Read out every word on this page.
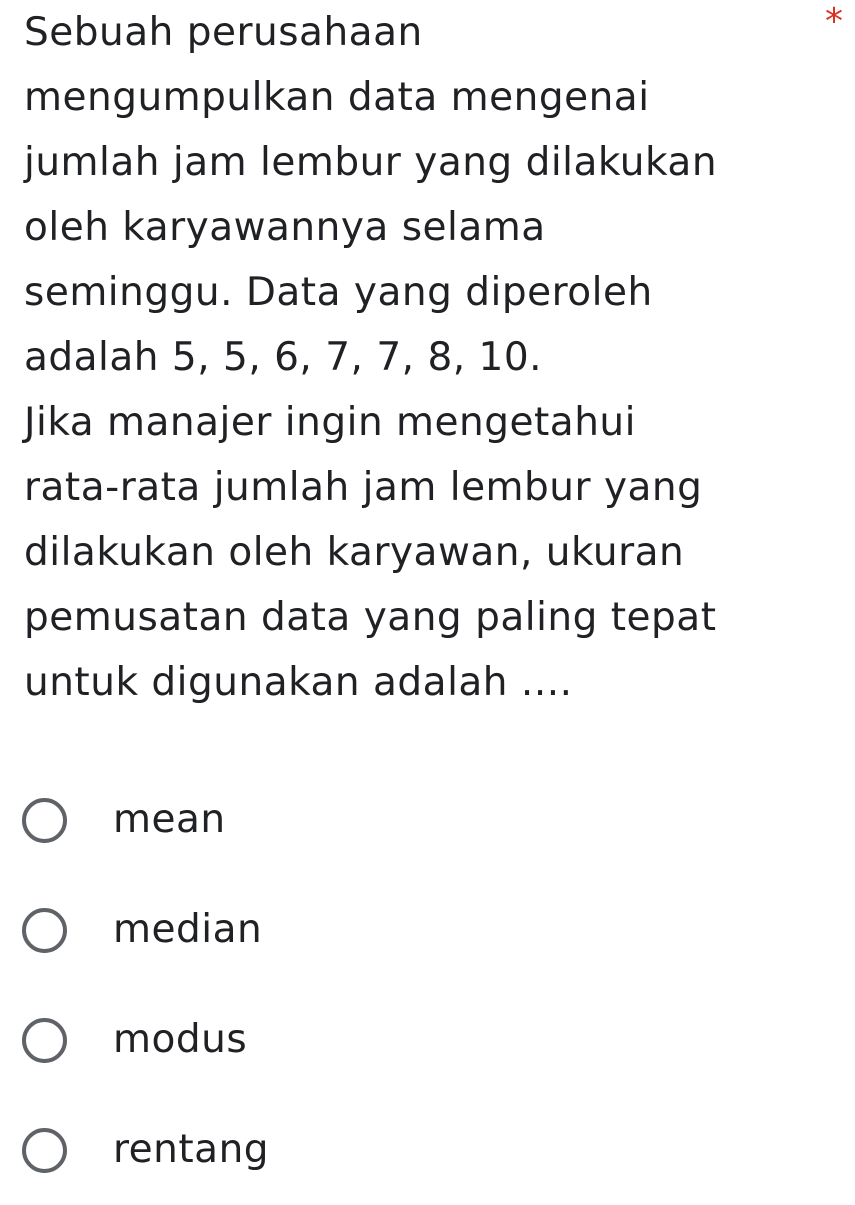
Sebuah perusahaan
mengumpulkan data mengenai
jumlah jam lembur yang dilakukan
oleh karyawannya selama
seminggu. Data yang diperoleh
adalah 5, 5, 6, 7, 7, 8, 10.
Jika manajer ingin mengetahui
rata-rata jumlah jam lembur yang
dilakukan oleh karyawan, ukuran
pemusatan data yang paling tepat
untuk digunakan adalah ....
*
mean
median
modus
rentang
